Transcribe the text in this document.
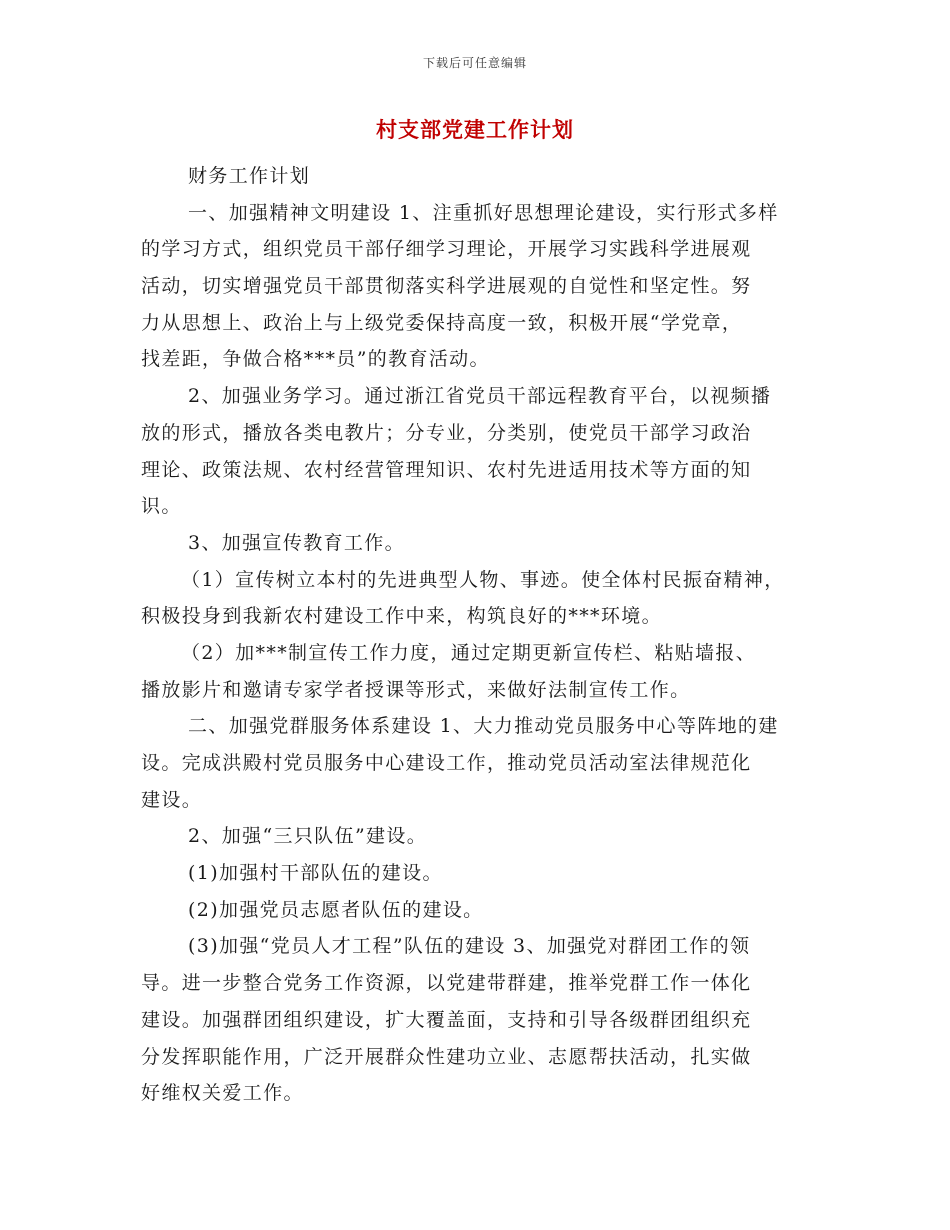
下载后可任意编辑
村支部党建工作计划
财务工作计划
一、加强精神文明建设 1、注重抓好思想理论建设，实行形式多样
的学习方式，组织党员干部仔细学习理论，开展学习实践科学进展观
活动，切实增强党员干部贯彻落实科学进展观的自觉性和坚定性。努
力从思想上、政治上与上级党委保持高度一致，积极开展“学党章，
找差距，争做合格***员”的教育活动。
2、加强业务学习。通过浙江省党员干部远程教育平台，以视频播
放的形式，播放各类电教片；分专业，分类别，使党员干部学习政治
理论、政策法规、农村经营管理知识、农村先进适用技术等方面的知
识。
3、加强宣传教育工作。
（1）宣传树立本村的先进典型人物、事迹。使全体村民振奋精神，
积极投身到我新农村建设工作中来，构筑良好的***环境。
（2）加***制宣传工作力度，通过定期更新宣传栏、粘贴墙报、
播放影片和邀请专家学者授课等形式，来做好法制宣传工作。
二、加强党群服务体系建设 1、大力推动党员服务中心等阵地的建
设。完成洪殿村党员服务中心建设工作，推动党员活动室法律规范化
建设。
2、加强“三只队伍”建设。
(1)加强村干部队伍的建设。
(2)加强党员志愿者队伍的建设。
(3)加强“党员人才工程”队伍的建设 3、加强党对群团工作的领
导。进一步整合党务工作资源，以党建带群建，推举党群工作一体化
建设。加强群团组织建设，扩大覆盖面，支持和引导各级群团组织充
分发挥职能作用，广泛开展群众性建功立业、志愿帮扶活动，扎实做
好维权关爱工作。
